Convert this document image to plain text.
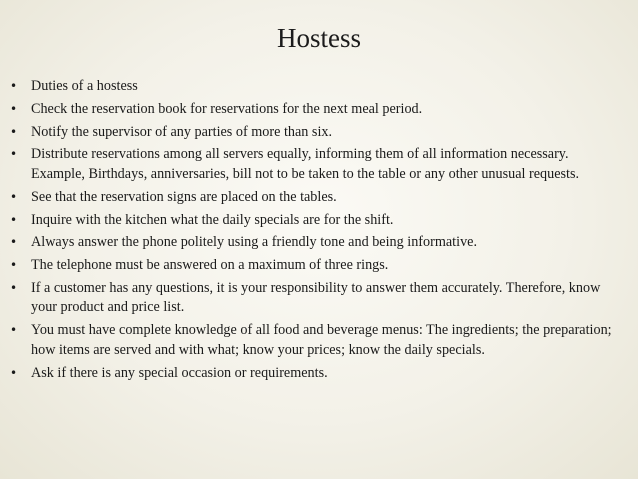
Hostess
• Duties of a hostess
• Check the reservation book for reservations for the next meal period.
• Notify the supervisor of any parties of more than six.
• Distribute reservations among all servers equally, informing them of all information necessary. Example, Birthdays, anniversaries, bill not to be taken to the table or any other unusual requests.
• See that the reservation signs are placed on the tables.
• Inquire with the kitchen what the daily specials are for the shift.
• Always answer the phone politely using a friendly tone and being informative.
• The telephone must be answered on a maximum of three rings.
• If a customer has any questions, it is your responsibility to answer them accurately. Therefore, know your product and price list.
• You must have complete knowledge of all food and beverage menus: The ingredients; the preparation; how items are served and with what; know your prices; know the daily specials.
• Ask if there is any special occasion or requirements.
